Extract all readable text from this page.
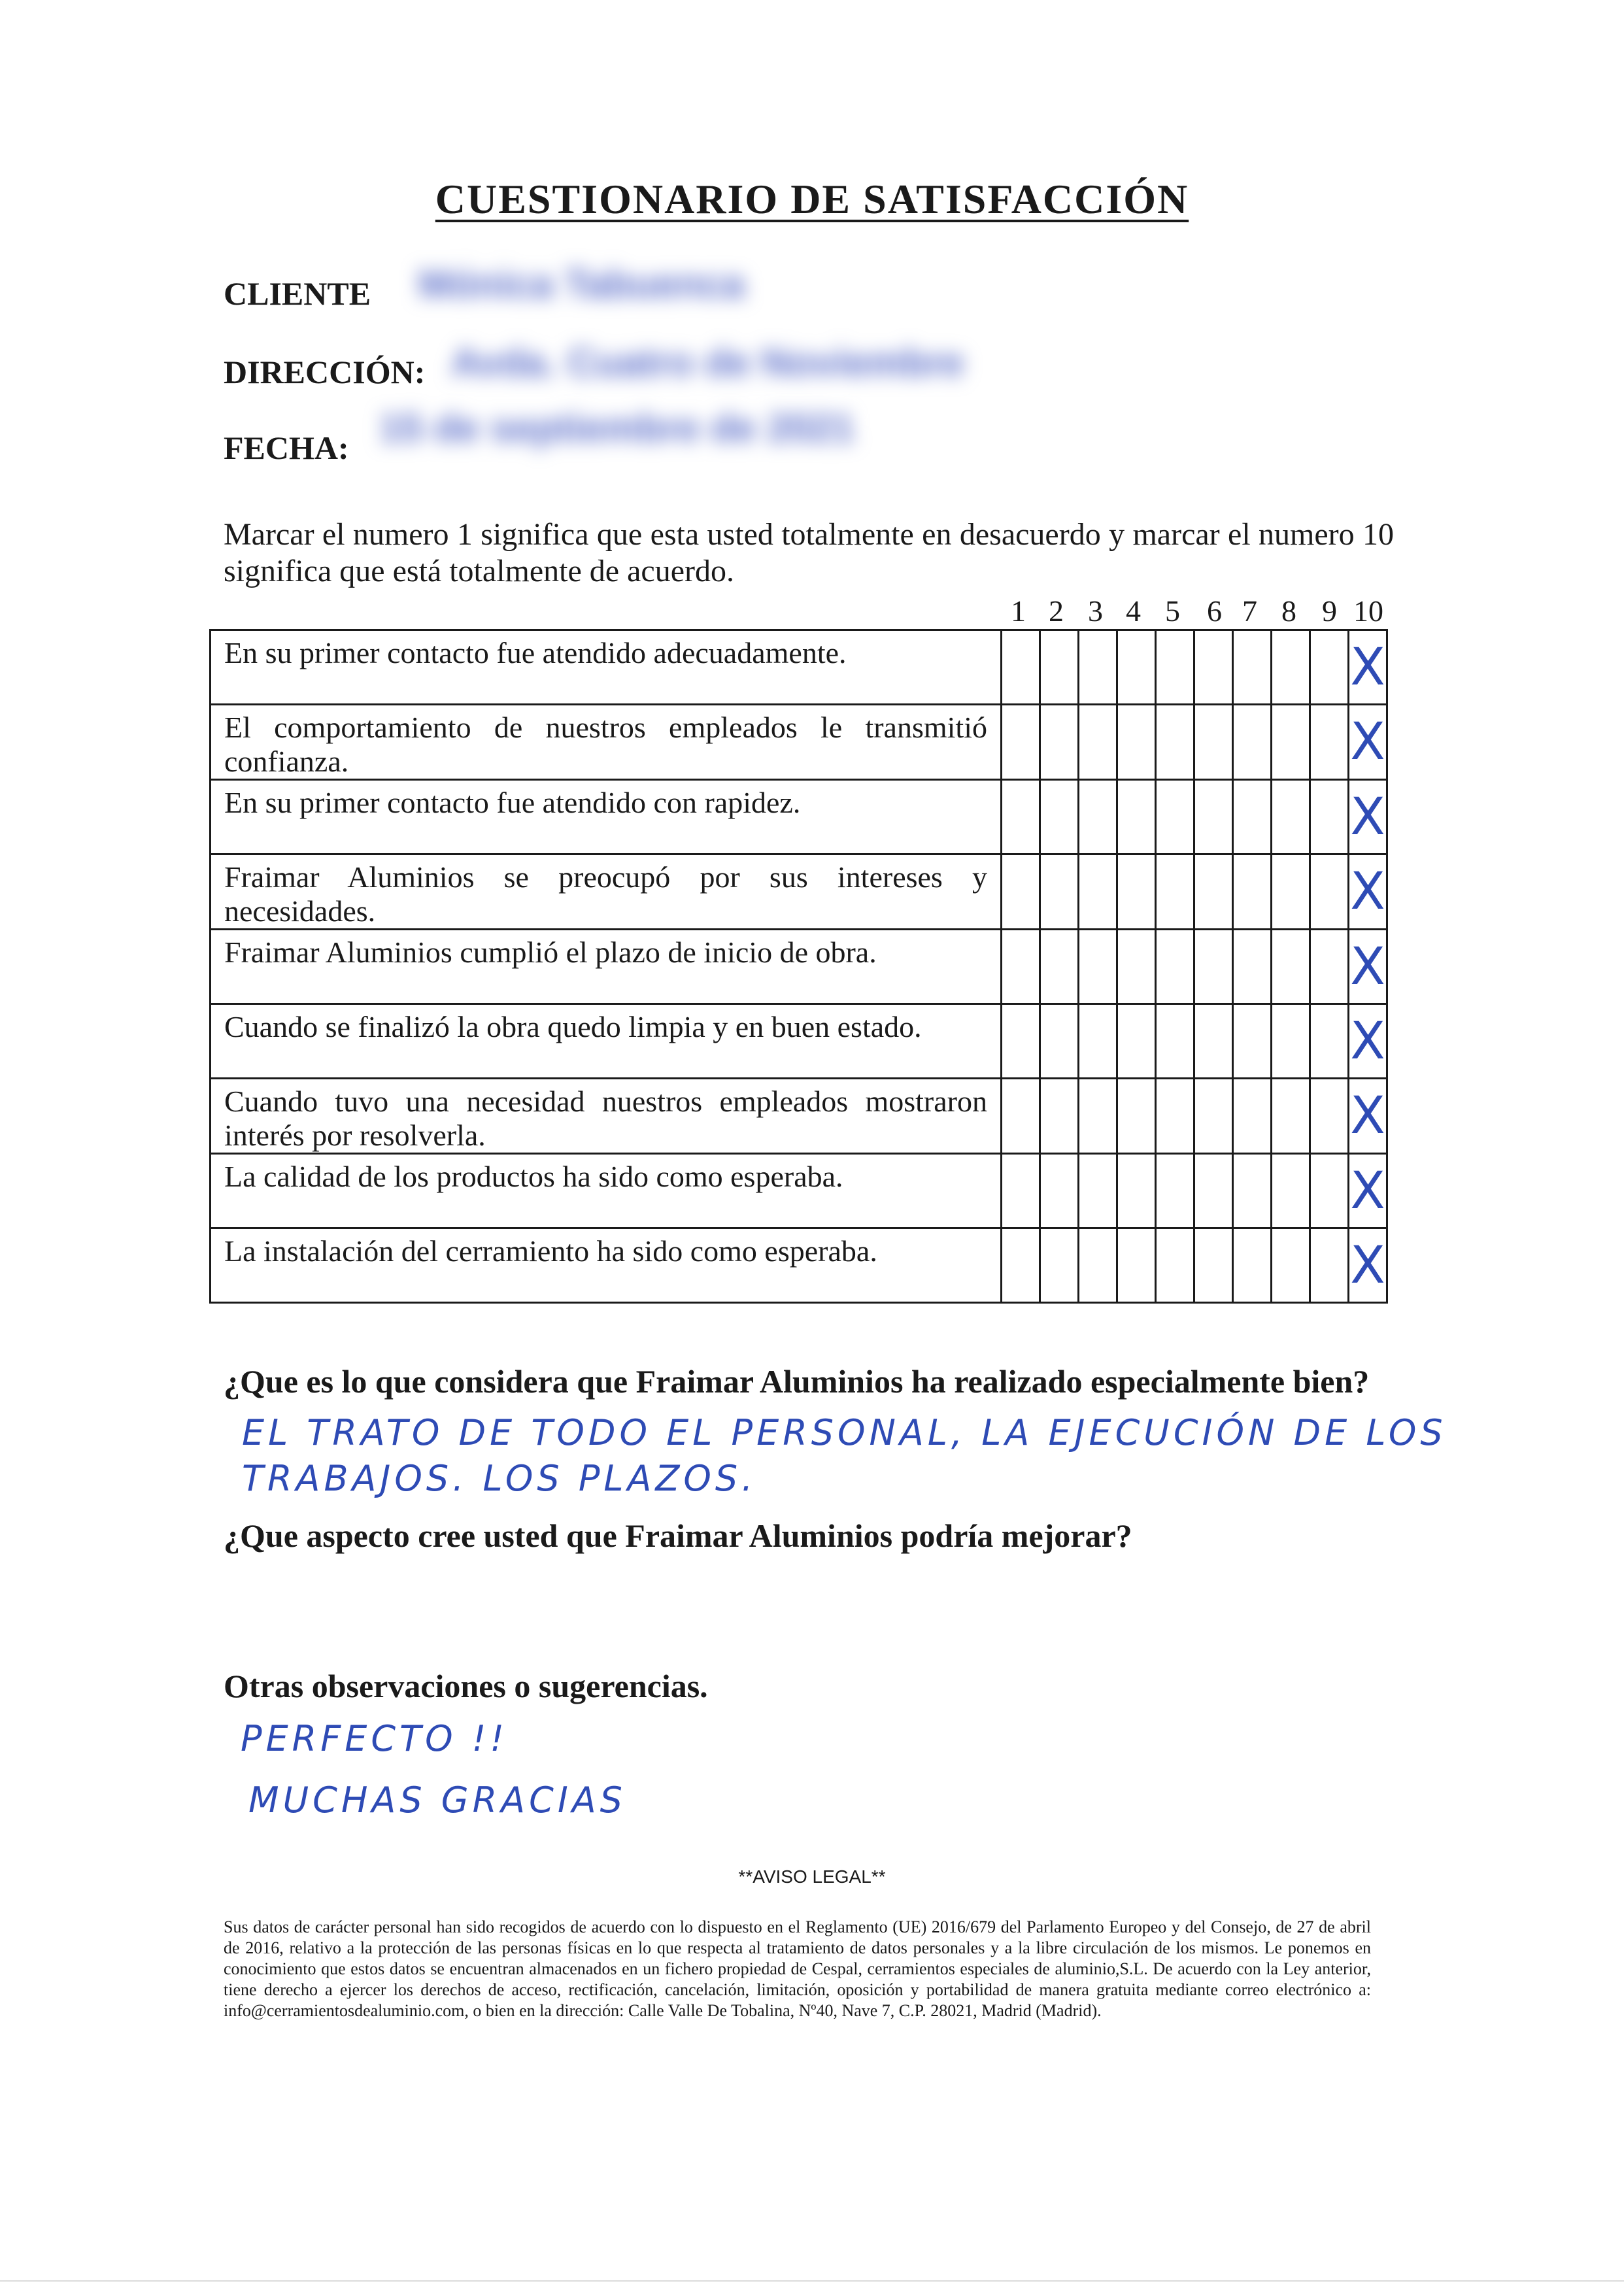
CUESTIONARIO DE SATISFACCIÓN
CLIENTE Mónica Tabuenca
DIRECCIÓN: Avda. Cuatro de Noviembre
FECHA: 15 de septiembre de 2021
Marcar el numero 1 significa que esta usted totalmente en desacuerdo y marcar el numero 10 significa que está totalmente de acuerdo.
1 2 3 4 5 6 7 8 9 10
En su primer contacto fue atendido adecuadamente.										X

El comportamiento de nuestros empleados le transmitió confianza.										X

En su primer contacto fue atendido con rapidez.										X

Fraimar Aluminios se preocupó por sus intereses y necesidades.										X

Fraimar Aluminios cumplió el plazo de inicio de obra.										X

Cuando se finalizó la obra quedo limpia y en buen estado.										X

Cuando tuvo una necesidad nuestros empleados mostraron interés por resolverla.										X

La calidad de los productos ha sido como esperaba.										X

La instalación del cerramiento ha sido como esperaba.										X
¿Que es lo que considera que Fraimar Aluminios ha realizado especialmente bien?
EL TRATO DE TODO EL PERSONAL, LA EJECUCIÓN DE LOS
TRABAJOS. LOS PLAZOS.
¿Que aspecto cree usted que Fraimar Aluminios podría mejorar?
Otras observaciones o sugerencias.
PERFECTO !!
MUCHAS GRACIAS
**AVISO LEGAL**
Sus datos de carácter personal han sido recogidos de acuerdo con lo dispuesto en el Reglamento (UE) 2016/679 del Parlamento Europeo y del Consejo, de 27 de abril de 2016, relativo a la protección de las personas físicas en lo que respecta al tratamiento de datos personales y a la libre circulación de los mismos. Le ponemos en conocimiento que estos datos se encuentran almacenados en un fichero propiedad de Cespal, cerramientos especiales de aluminio,S.L. De acuerdo con la Ley anterior, tiene derecho a ejercer los derechos de acceso, rectificación, cancelación, limitación, oposición y portabilidad de manera gratuita mediante correo electrónico a: info@cerramientosdealuminio.com, o bien en la dirección: Calle Valle De Tobalina, Nº40, Nave 7, C.P. 28021, Madrid (Madrid).
